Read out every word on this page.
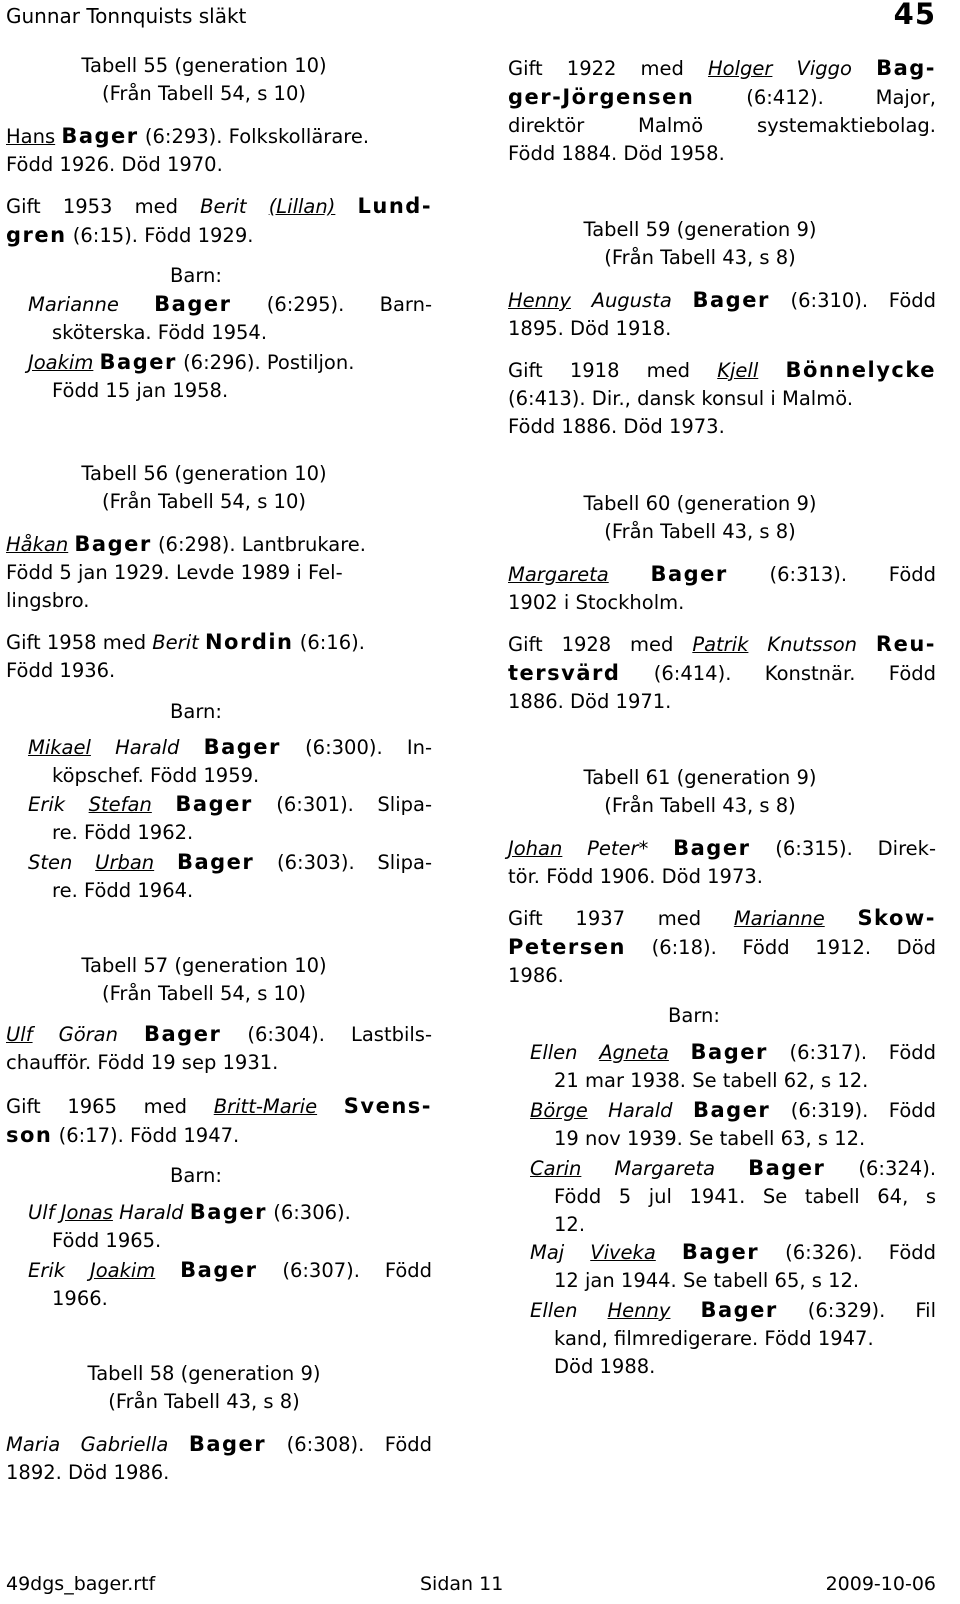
Gunnar Tonnquists släkt	45
Tabell 55 (generation 10)
(Från Tabell 54, s 10)
Hans Bager (6:293). Folkskollärare.
Född 1926. Död 1970.
Gift 1953 med Berit (Lillan) Lund-
gren (6:15). Född 1929.
Barn:
Marianne Bager (6:295). Barn-
sköterska. Född 1954.
Joakim Bager (6:296). Postiljon.
Född 15 jan 1958.
Tabell 56 (generation 10)
(Från Tabell 54, s 10)
Håkan Bager (6:298). Lantbrukare.
Född 5 jan 1929. Levde 1989 i Fel-
lingsbro.
Gift 1958 med Berit Nordin (6:16).
Född 1936.
Barn:
Mikael Harald Bager (6:300). In-
köpschef. Född 1959.
Erik Stefan Bager (6:301). Slipa-
re. Född 1962.
Sten Urban Bager (6:303). Slipa-
re. Född 1964.
Tabell 57 (generation 10)
(Från Tabell 54, s 10)
Ulf Göran Bager (6:304). Lastbils-
chaufför. Född 19 sep 1931.
Gift 1965 med Britt-Marie Svens-
son (6:17). Född 1947.
Barn:
Ulf Jonas Harald Bager (6:306).
Född 1965.
Erik Joakim Bager (6:307). Född
1966.
Tabell 58 (generation 9)
(Från Tabell 43, s 8)
Maria Gabriella Bager (6:308). Född
1892. Död 1986.
Gift 1922 med Holger Viggo Bag-
ger-Jörgensen	(6:412). Major,
direktör Malmö systemaktiebolag.
Född 1884. Död 1958.
Tabell 59 (generation 9)
(Från Tabell 43, s 8)
Henny Augusta Bager (6:310). Född
1895. Död 1918.
Gift 1918 med Kjell Bönnelycke
(6:413). Dir., dansk konsul i Malmö.
Född 1886. Död 1973.
Tabell 60 (generation 9)
(Från Tabell 43, s 8)
Margareta Bager (6:313). Född
1902 i Stockholm.
Gift 1928 med Patrik Knutsson Reu-
tersvärd (6:414). Konstnär. Född
1886. Död 1971.
Tabell 61 (generation 9)
(Från Tabell 43, s 8)
Johan Peter* Bager (6:315). Direk-
tör. Född 1906. Död 1973.
Gift 1937 med Marianne Skow-
Petersen (6:18). Född 1912. Död
1986.
Barn:
Ellen Agneta Bager (6:317). Född
21 mar 1938. Se tabell 62, s 12.
Börge Harald Bager (6:319). Född
19 nov 1939. Se tabell 63, s 12.
Carin Margareta Bager (6:324).
Född 5 jul 1941. Se tabell 64, s
12.
Maj Viveka Bager (6:326). Född
12 jan 1944. Se tabell 65, s 12.
Ellen Henny Bager (6:329). Fil
kand, filmredigerare. Född 1947.
Död 1988.
49dgs_bager.rtf	Sidan 11	2009-10-06
